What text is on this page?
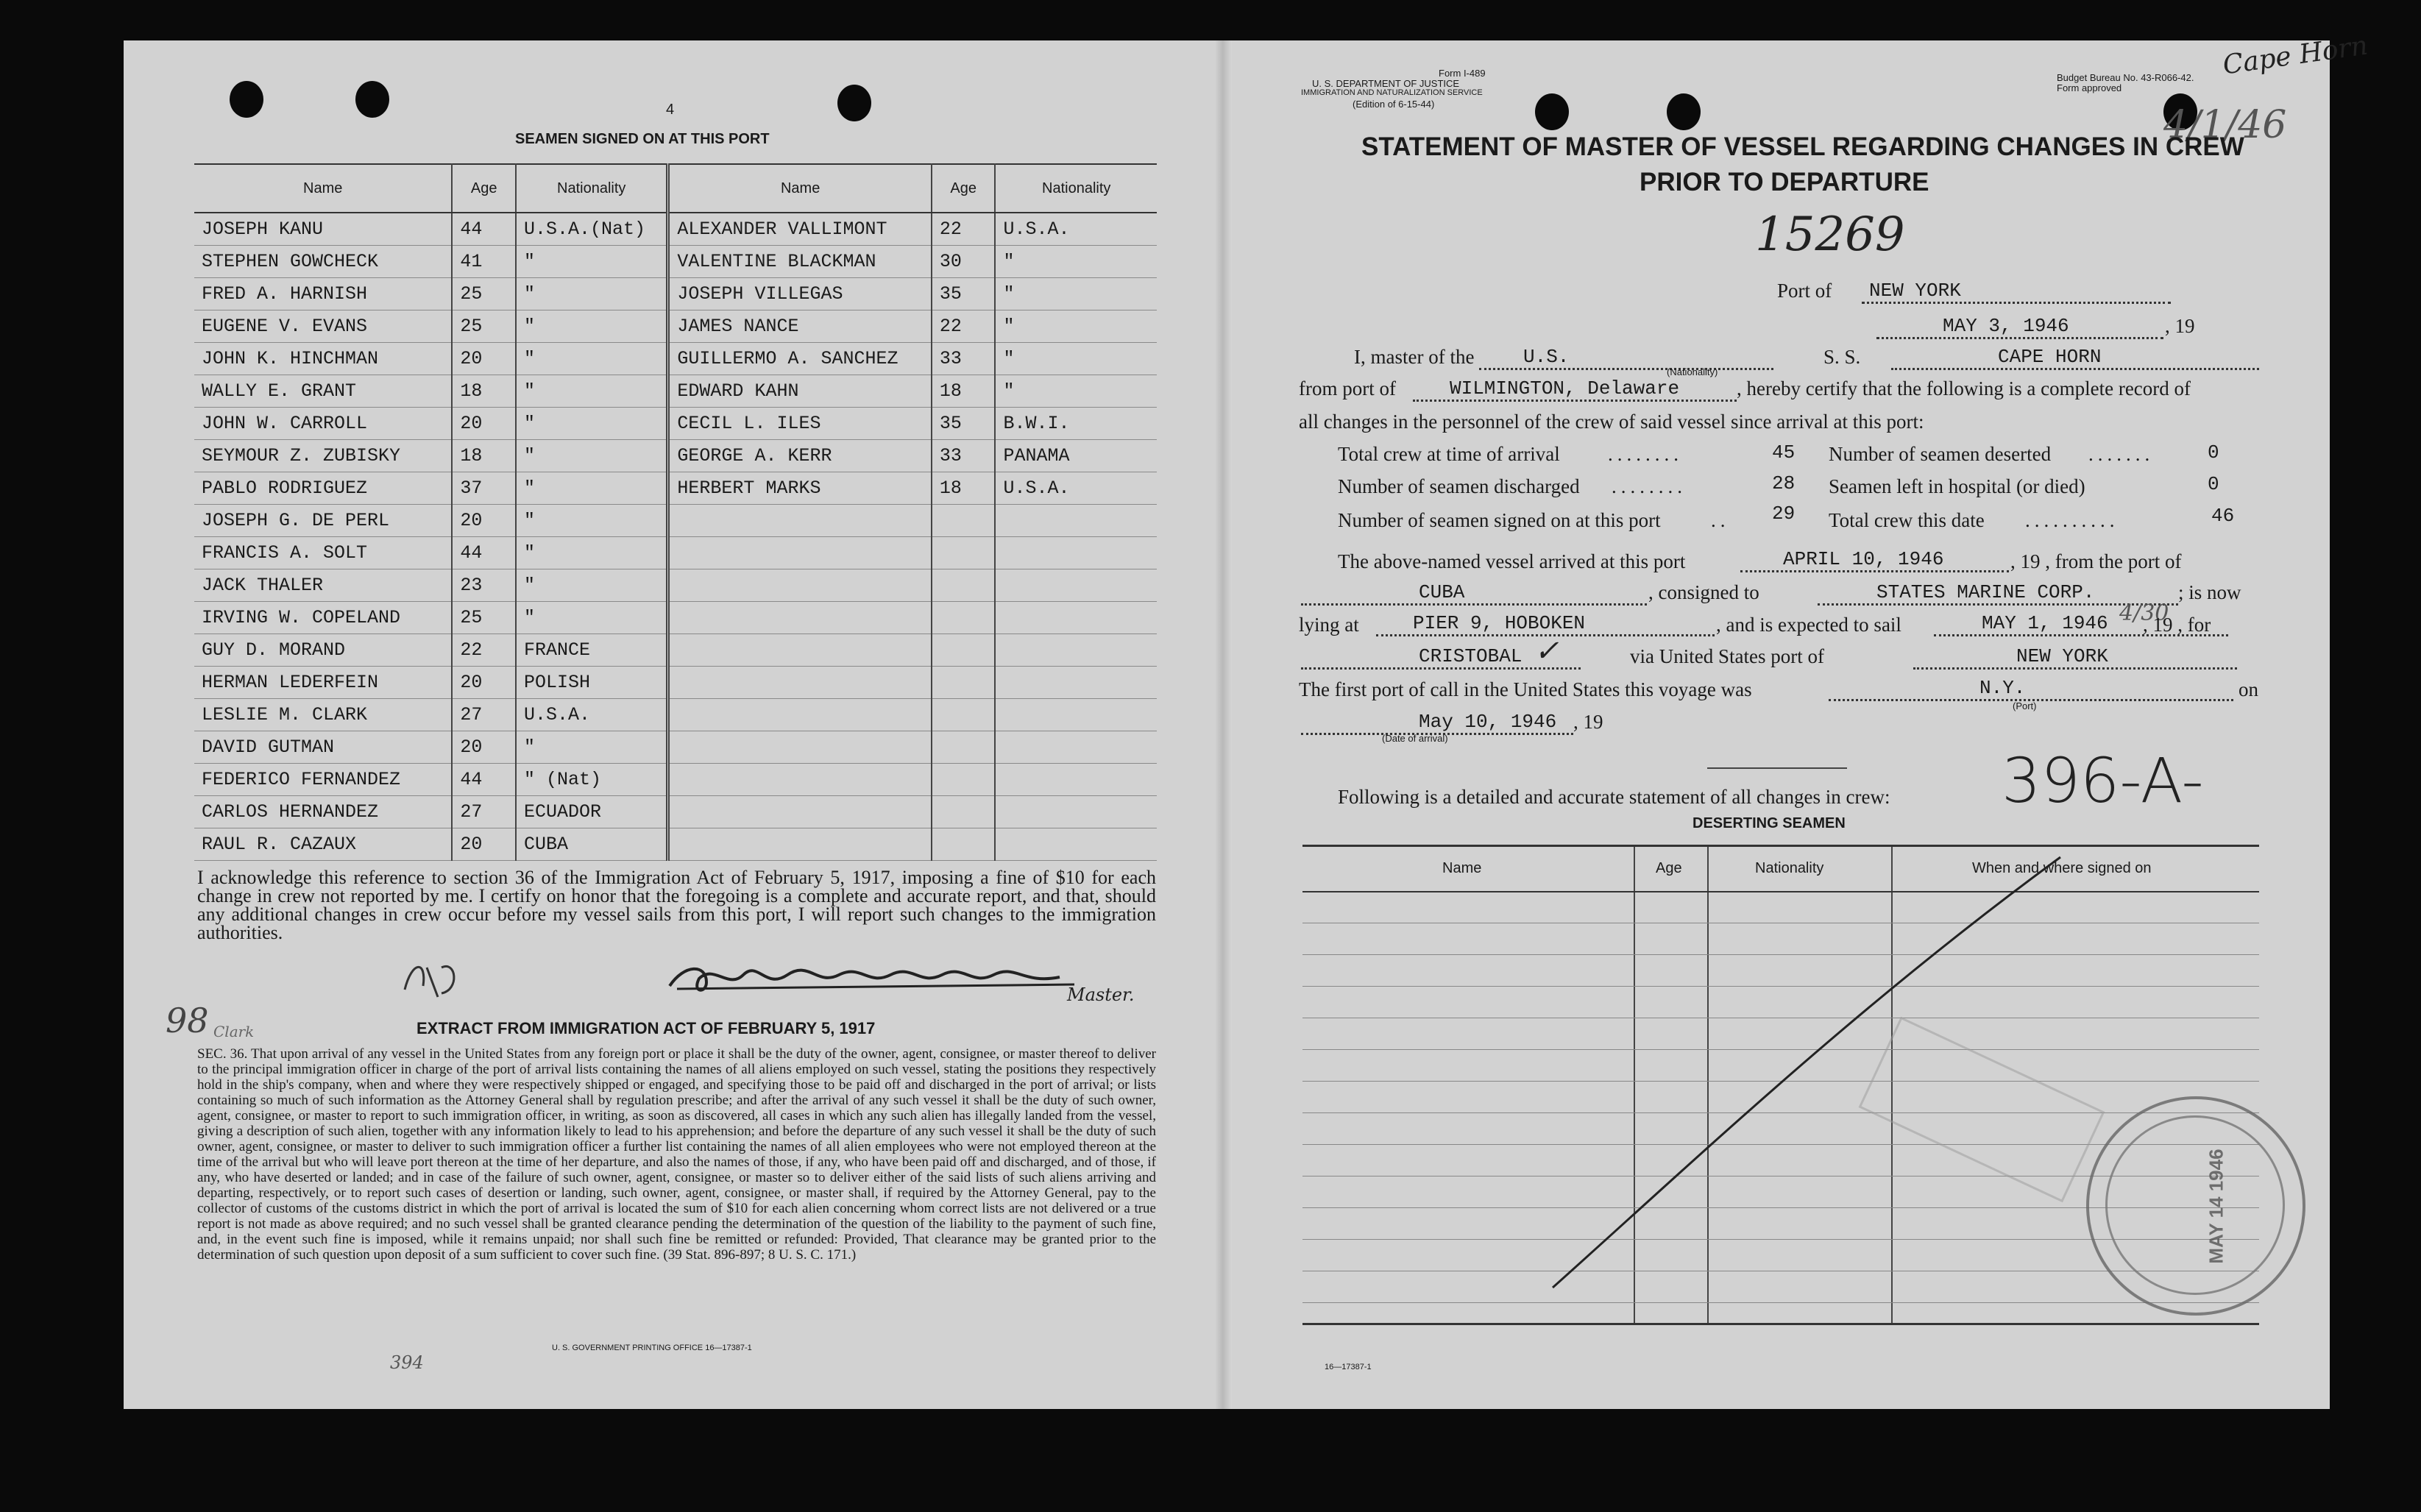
4
SEAMEN SIGNED ON AT THIS PORT
Name	Age	Nationality	Name	Age	Nationality
JOSEPH KANU	44	U.S.A.(Nat)	ALEXANDER VALLIMONT	22	U.S.A.
STEPHEN GOWCHECK	41	"	VALENTINE BLACKMAN	30	"
FRED A. HARNISH	25	"	JOSEPH VILLEGAS	35	"
EUGENE V. EVANS	25	"	JAMES NANCE	22	"
JOHN K. HINCHMAN	20	"	GUILLERMO A. SANCHEZ	33	"
WALLY E. GRANT	18	"	EDWARD KAHN	18	"
JOHN W. CARROLL	20	"	CECIL L. ILES	35	B.W.I.
SEYMOUR Z. ZUBISKY	18	"	GEORGE A. KERR	33	PANAMA
PABLO RODRIGUEZ	37	"	HERBERT MARKS	18	U.S.A.
JOSEPH G. DE PERL	20	"			
FRANCIS A. SOLT	44	"			
JACK THALER	23	"			
IRVING W. COPELAND	25	"			
GUY D. MORAND	22	FRANCE			
HERMAN LEDERFEIN	20	POLISH			
LESLIE M. CLARK	27	U.S.A.			
DAVID GUTMAN	20	"			
FEDERICO FERNANDEZ	44	" (Nat)			
CARLOS HERNANDEZ	27	ECUADOR			
RAUL R. CAZAUX	20	CUBA			
I acknowledge this reference to section 36 of the Immigration Act of February 5, 1917, imposing a fine of $10 for each change in crew not reported by me. I certify on honor that the foregoing is a complete and accurate report, and that, should any additional changes in crew occur before my vessel sails from this port, I will report such changes to the immigration authorities.
Master.
98 Clark	EXTRACT FROM IMMIGRATION ACT OF FEBRUARY 5, 1917
SEC. 36. That upon arrival of any vessel in the United States from any foreign port or place it shall be the duty of the owner, agent, consignee, or master thereof to deliver to the principal immigration officer in charge of the port of arrival lists containing the names of all aliens employed on such vessel, stating the positions they respectively hold in the ship's company, when and where they were respectively shipped or engaged, and specifying those to be paid off and discharged in the port of arrival; or lists containing so much of such information as the Attorney General shall by regulation prescribe; and after the arrival of any such vessel it shall be the duty of such owner, agent, consignee, or master to report to such immigration officer, in writing, as soon as discovered, all cases in which any such alien has illegally landed from the vessel, giving a description of such alien, together with any information likely to lead to his apprehension; and before the departure of any such vessel it shall be the duty of such owner, agent, consignee, or master to deliver to such immigration officer a further list containing the names of all alien employees who were not employed thereon at the time of the arrival but who will leave port thereon at the time of her departure, and also the names of those, if any, who have been paid off and discharged, and of those, if any, who have deserted or landed; and in case of the failure of such owner, agent, consignee, or master so to deliver either of the said lists of such aliens arriving and departing, respectively, or to report such cases of desertion or landing, such owner, agent, consignee, or master shall, if required by the Attorney General, pay to the collector of customs of the customs district in which the port of arrival is located the sum of $10 for each alien concerning whom correct lists are not delivered or a true report is not made as above required; and no such vessel shall be granted clearance pending the determination of the question of the liability to the payment of such fine, and, in the event such fine is imposed, while it remains unpaid; nor shall such fine be remitted or refunded: Provided, That clearance may be granted prior to the determination of such question upon deposit of a sum sufficient to cover such fine. (39 Stat. 896-897; 8 U. S. C. 171.)
U. S. GOVERNMENT PRINTING OFFICE 16—17387-1
394
Form I-489
U. S. DEPARTMENT OF JUSTICE
IMMIGRATION AND NATURALIZATION SERVICE
(Edition of 6-15-44)
Budget Bureau No. 43-R066-42.
Form approved
Cape Horn
4/1/46
STATEMENT OF MASTER OF VESSEL REGARDING CHANGES IN CREW
PRIOR TO DEPARTURE
15269
Port of	NEW YORK
MAY 3, 1946	, 19
I, master of the	U.S.
(Nationality)
S. S.	CAPE HORN
from port of	WILMINGTON, Delaware	, hereby certify that the following is a complete record of
all changes in the personnel of the crew of said vessel since arrival at this port:
Total crew at time of arrival ........	45 Number of seamen deserted .......	0
Number of seamen discharged ........	28 Seamen left in hospital (or died)	0
Number of seamen signed on at this port	.. 29 Total crew this date ..........	46
The above-named vessel arrived at this port	APRIL 10, 1946	, 19 , from the port of
CUBA	, consigned to	STATES MARINE CORP.	; is now
lying at	PIER 9, HOBOKEN	, and is expected to sail	MAY 1, 1946 4/30
, 19 , for
CRISTOBAL ✓	via United States port of	NEW YORK
The first port of call in the United States this voyage was	N.Y.
(Port)
on
May 10, 1946 , 19
(Date of arrival)
396-A-
Following is a detailed and accurate statement of all changes in crew:
DESERTING SEAMEN
Name	Age	Nationality	When and where signed on
MAY 14 1946
16—17387-1
